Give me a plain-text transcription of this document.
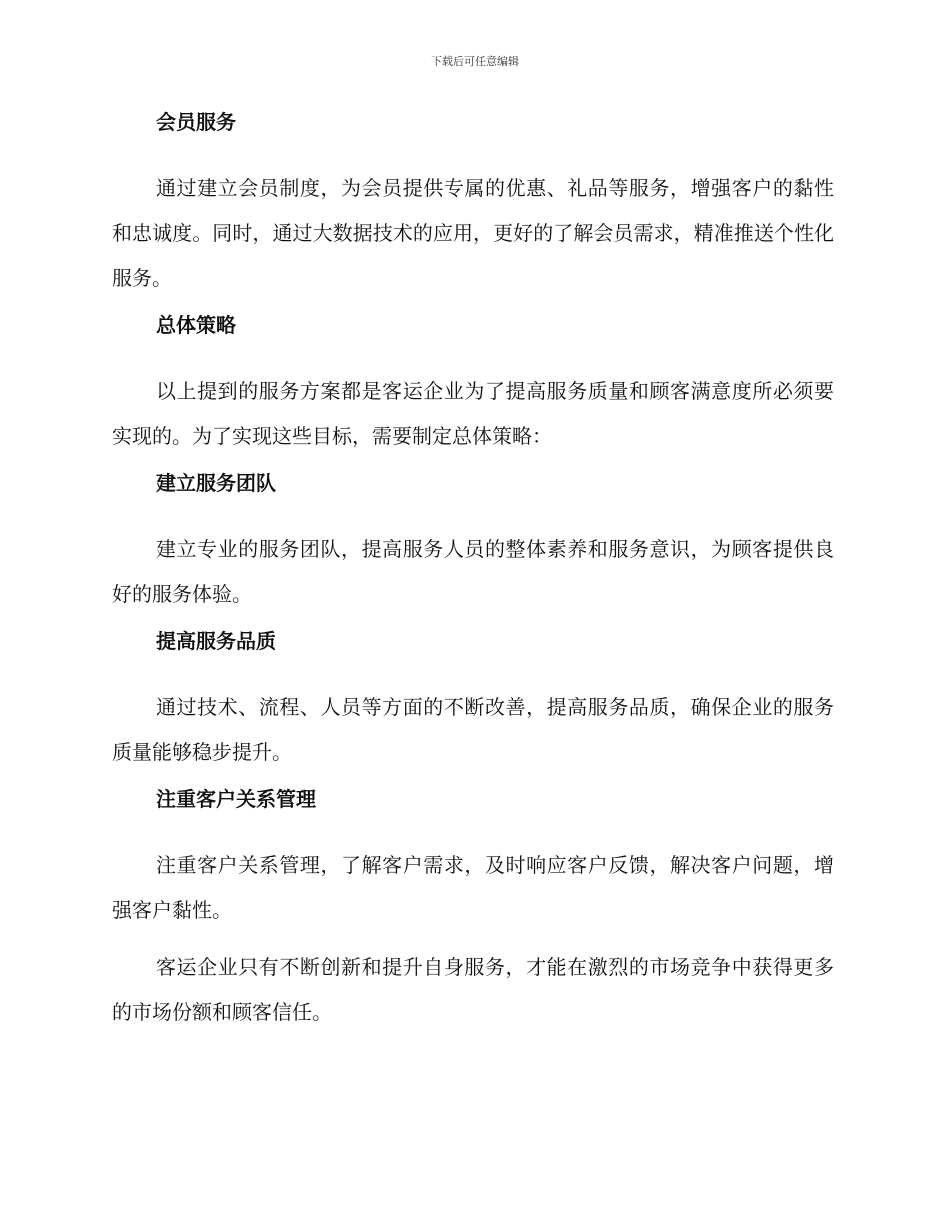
下载后可任意编辑
会员服务

通过建立会员制度，为会员提供专属的优惠、礼品等服务，增强客户的黏性和忠诚度。同时，通过大数据技术的应用，更好的了解会员需求，精准推送个性化服务。

总体策略

以上提到的服务方案都是客运企业为了提高服务质量和顾客满意度所必须要实现的。为了实现这些目标，需要制定总体策略：

建立服务团队

建立专业的服务团队，提高服务人员的整体素养和服务意识，为顾客提供良好的服务体验。

提高服务品质

通过技术、流程、人员等方面的不断改善，提高服务品质，确保企业的服务质量能够稳步提升。

注重客户关系管理

注重客户关系管理，了解客户需求，及时响应客户反馈，解决客户问题，增强客户黏性。

客运企业只有不断创新和提升自身服务，才能在激烈的市场竞争中获得更多的市场份额和顾客信任。
